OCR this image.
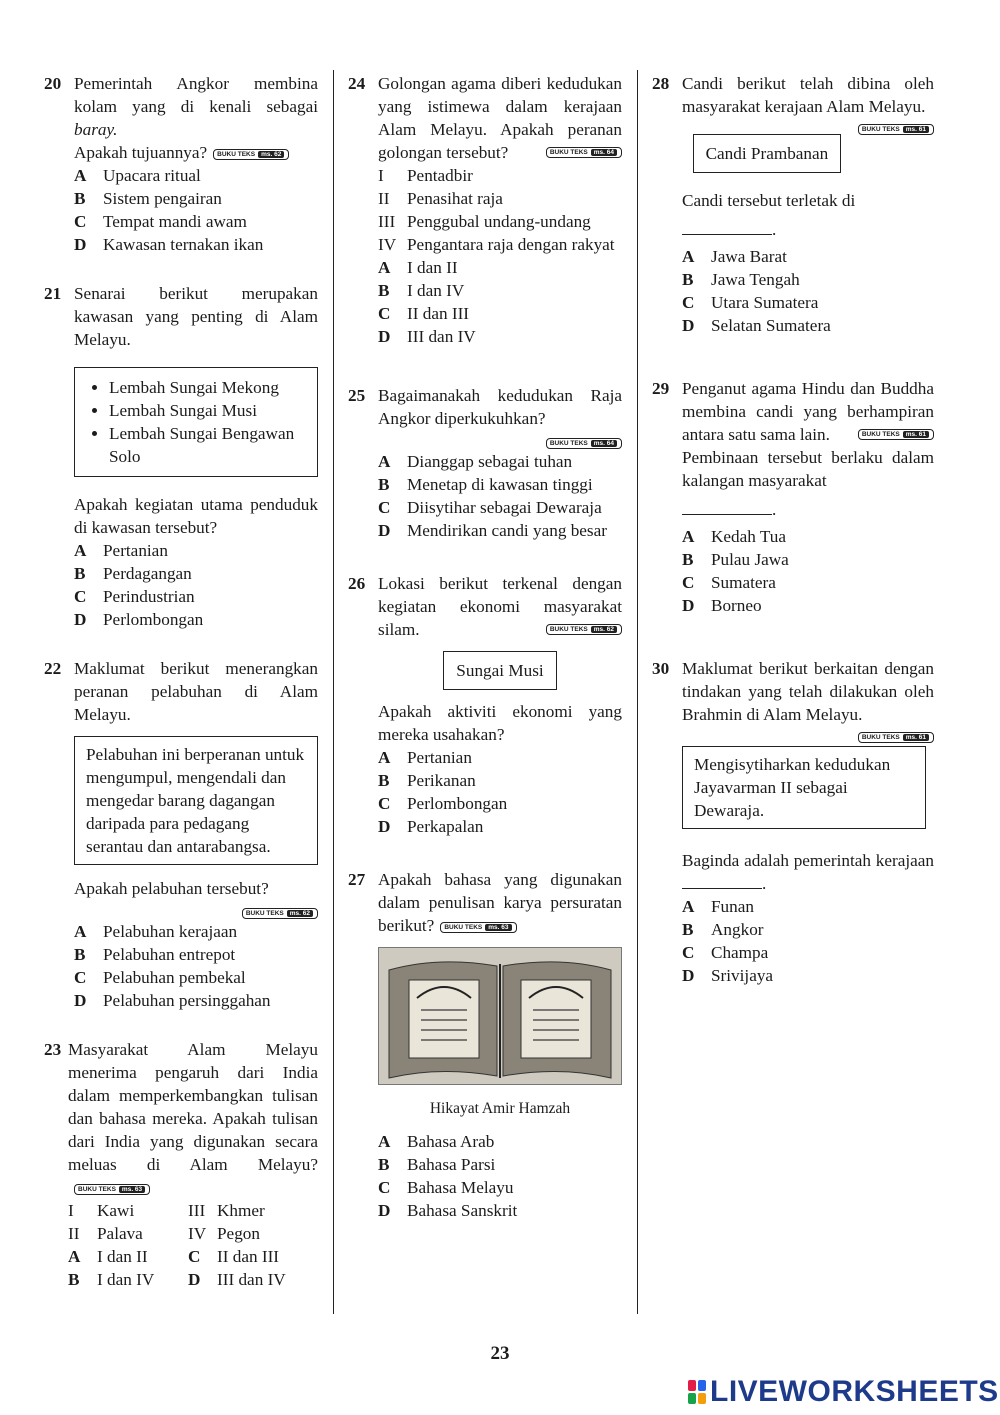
20 Pemerintah Angkor membina kolam yang di kenali sebagai baray.
Apakah tujuannya? BUKU TEKS ms. 62
A Upacara ritual
B Sistem pengairan
C Tempat mandi awam
D Kawasan ternakan ikan
21 Senarai berikut merupakan kawasan yang penting di Alam Melayu.
• Lembah Sungai Mekong
• Lembah Sungai Musi
• Lembah Sungai Bengawan Solo
Apakah kegiatan utama penduduk di kawasan tersebut?
A Pertanian
B Perdagangan
C Perindustrian
D Perlombongan
22 Maklumat berikut menerangkan peranan pelabuhan di Alam Melayu.
Pelabuhan ini berperanan untuk mengumpul, mengendali dan mengedar barang dagangan daripada para pedagang serantau dan antarabangsa.
Apakah pelabuhan tersebut?
BUKU TEKS ms. 62
A Pelabuhan kerajaan
B Pelabuhan entrepot
C Pelabuhan pembekal
D Pelabuhan persinggahan
23 Masyarakat Alam Melayu menerima pengaruh dari India dalam memperkembangkan tulisan dan bahasa mereka. Apakah tulisan dari India yang digunakan secara meluas di Alam Melayu?BUKU TEKS ms. 63
I Kawi	III Khmer
II Palava	IV Pegon
A I dan II	C II dan III
B I dan IV	D III dan IV
24 Golongan agama diberi kedudukan yang istimewa dalam kerajaan Alam Melayu. Apakah peranan golongan tersebut?	BUKU TEKS ms. 64
I Pentadbir
II Penasihat raja
III Penggubal undang-undang
IV Pengantara raja dengan rakyat
A I dan II
B I dan IV
C II dan III
D III dan IV
25 Bagaimanakah kedudukan Raja Angkor diperkukuhkan?
BUKU TEKS ms. 64
A Dianggap sebagai tuhan
B Menetap di kawasan tinggi
C Diisytihar sebagai Dewaraja
D Mendirikan candi yang besar
26 Lokasi berikut terkenal dengan kegiatan ekonomi masyarakat silam.	BUKU TEKS ms. 62
Sungai Musi
Apakah aktiviti ekonomi yang mereka usahakan?
A Pertanian
B Perikanan
C Perlombongan
D Perkapalan
27 Apakah bahasa yang digunakan dalam penulisan karya persuratan berikut? BUKU TEKS ms. 63
Hikayat Amir Hamzah
A Bahasa Arab
B Bahasa Parsi
C Bahasa Melayu
D Bahasa Sanskrit
28 Candi berikut telah dibina oleh masyarakat kerajaan Alam Melayu.
BUKU TEKS ms. 61
Candi Prambanan
Candi tersebut terletak di
.
A Jawa Barat
B Jawa Tengah
C Utara Sumatera
D Selatan Sumatera
29 Penganut agama Hindu dan Buddha membina candi yang berhampiran antara satu sama lain.	BUKU TEKS ms. 61
Pembinaan tersebut berlaku dalam kalangan masyarakat
.
A Kedah Tua
B Pulau Jawa
C Sumatera
D Borneo
30 Maklumat berikut berkaitan dengan tindakan yang telah dilakukan oleh Brahmin di Alam Melayu.
BUKU TEKS ms. 61
Mengisytiharkan kedudukan Jayavarman II sebagai Dewaraja.
Baginda adalah pemerintah kerajaan .
A Funan
B Angkor
C Champa
D Srivijaya
23
LIVEWORKSHEETS
